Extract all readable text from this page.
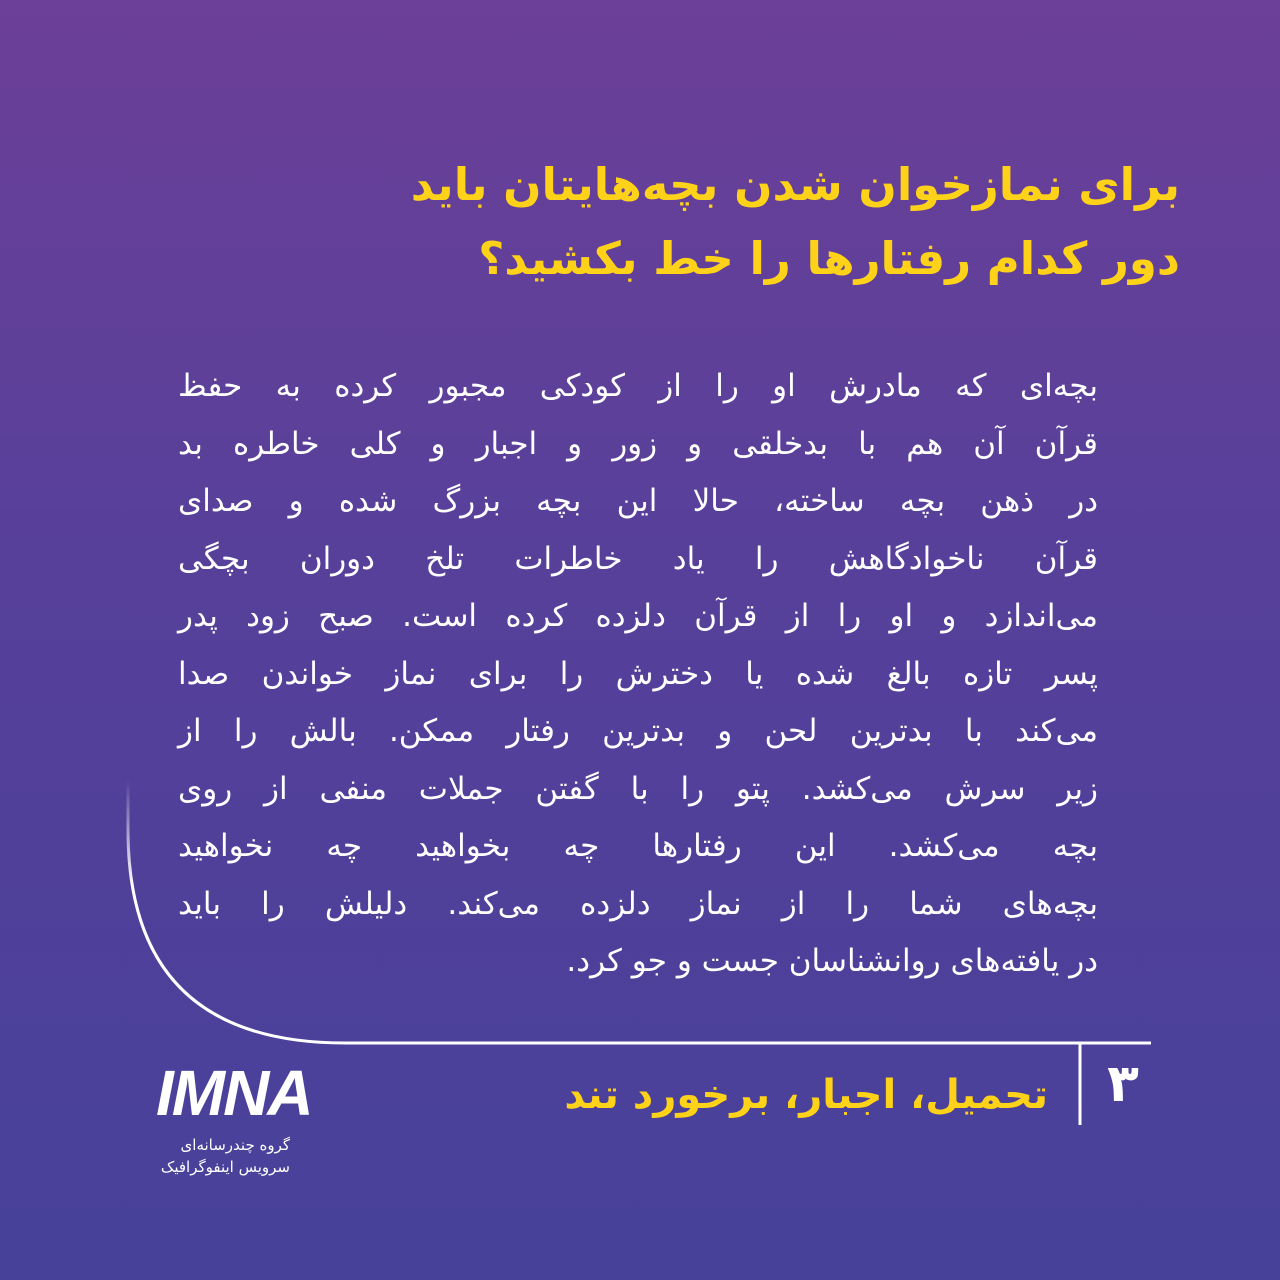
برای نمازخوان شدن بچه‌هایتان باید
دور کدام رفتارها را خط بکشید؟
بچه‌ای که مادرش او را از کودکی مجبور کرده به حفظ
قرآن آن هم با بدخلقی و زور و اجبار و کلی خاطره بد
در ذهن بچه ساخته، حالا این بچه بزرگ شده و صدای
قرآن ناخوادگاهش را یاد خاطرات تلخ دوران بچگی
می‌اندازد و او را از قرآن دلزده کرده است. صبح زود پدر
پسر تازه بالغ شده یا دخترش را برای نماز خواندن صدا
می‌کند با بدترین لحن و بدترین رفتار ممکن. بالش را از
زیر سرش می‌کشد. پتو را با گفتن جملات منفی از روی
بچه می‌کشد. این رفتارها چه بخواهید چه نخواهید
بچه‌های شما را از نماز دلزده می‌کند. دلیلش را باید
در یافته‌های روانشناسان جست و جو کرد.
تحمیل، اجبار، برخورد تند ۳
IMNA
گروه چندرسانه‌ای
سرویس اینفوگرافیک
